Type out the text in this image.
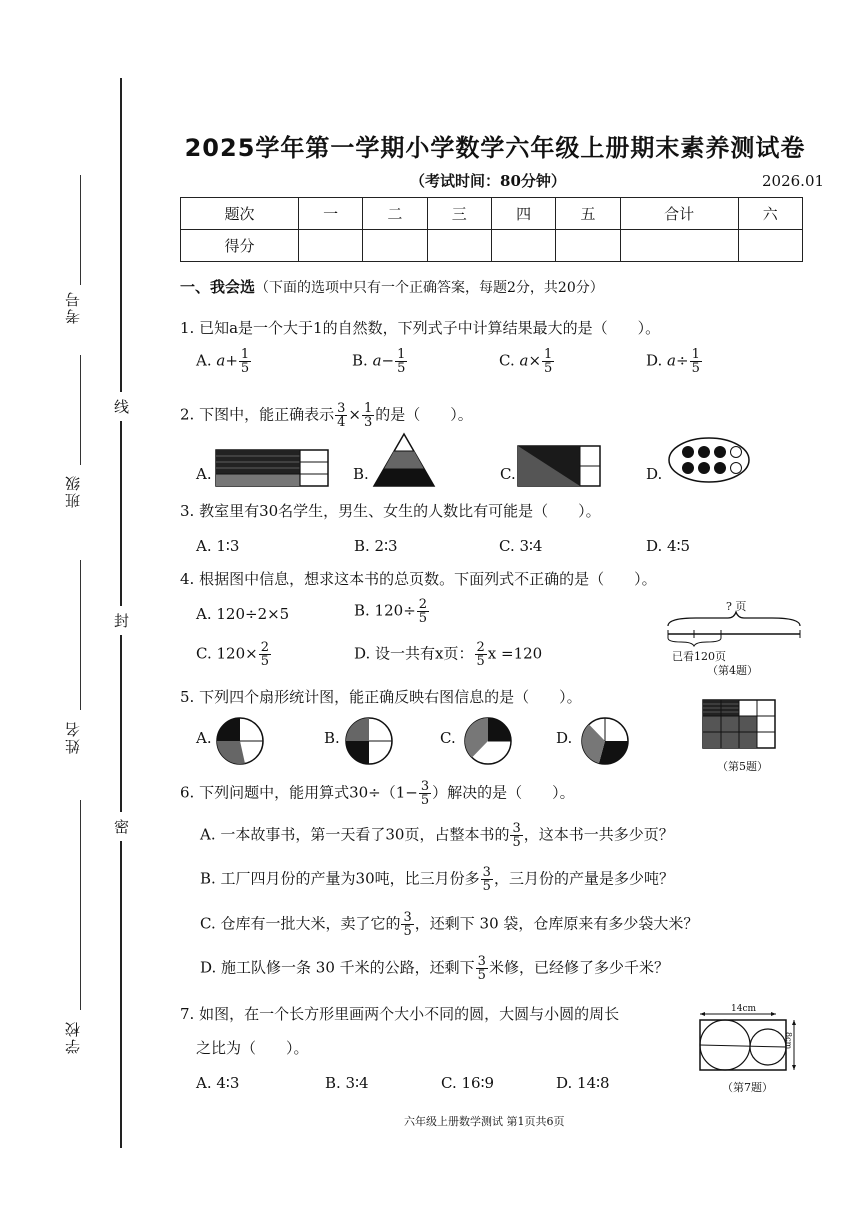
线
封
密
考号
班级
姓名
学校
2025学年第一学期小学数学六年级上册期末素养测试卷
（考试时间：80分钟）	2026.01
题次	一	二	三	四	五	合计	六
得分							
一、我会选（下面的选项中只有一个正确答案，每题2分，共20分）
1. 已知a是一个大于1的自然数，下列式子中计算结果最大的是（　　）。
A. $a+ \frac{1}{5}$	B. $a- \frac{1}{5}$	C. $a\times \frac{1}{5}$	D. $a\div \frac{1}{5}$
2. 下图中，能正确表示 $\frac{3}{4} \times \frac{1}{3}$ 的是（　　）。
A.	B.	C.	D.
3. 教室里有30名学生，男生、女生的人数比有可能是（　　）。
A. 1∶3	B. 2∶3	C. 3∶4	D. 4∶5
4. 根据图中信息，想求这本书的总页数。下面列式不正确的是（　　）。
A. 120÷2×5	B. $120\div \frac{2}{5}$
C. $120\times \frac{2}{5}$	D. 设一共有x页： $\frac{2}{5}$ x =120
? 页
已看120页
（第4题）
5. 下列四个扇形统计图，能正确反映右图信息的是（　　）。
A.	B.	C.	D.
（第5题）
6. 下列问题中，能用算式$30\div(1- \frac{3}{5}$ ）解决的是（　　）。
A. 一本故事书，第一天看了30页，占整本书的 $\frac{3}{5}$ ，这本书一共多少页？
B. 工厂四月份的产量为30吨，比三月份多 $\frac{3}{5}$ ，三月份的产量是多少吨？
C. 仓库有一批大米，卖了它的 $\frac{3}{5}$ ，还剩下 30 袋，仓库原来有多少袋大米？
D. 施工队修一条 30 千米的公路，还剩下 $\frac{3}{5}$ 米修，已经修了多少千米？
7. 如图，在一个长方形里画两个大小不同的圆，大圆与小圆的周长
之比为（　　）。
A. 4∶3	B. 3∶4	C. 16∶9	D. 14∶8
14cm
8cm
（第7题）
六年级上册数学测试 第1页共6页
